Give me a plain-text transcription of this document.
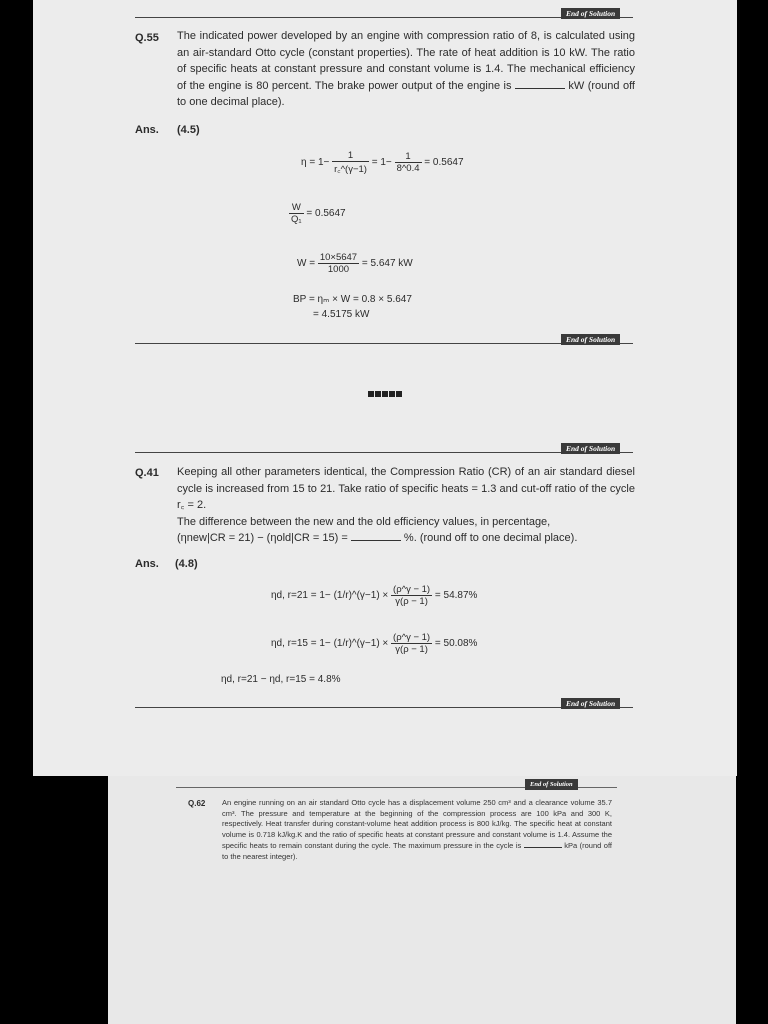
End of Solution
Q.55 The indicated power developed by an engine with compression ratio of 8, is calculated using an air-standard Otto cycle (constant properties). The rate of heat addition is 10 kW. The ratio of specific heats at constant pressure and constant volume is 1.4. The mechanical efficiency of the engine is 80 percent. The brake power output of the engine is	kW (round off to one decimal place).
Ans. (4.5)
$\eta = 1- \frac{1}{r꜀\^{}(\gamma-1)} = 1- \frac{1}{8\^{}0.4} = 0.5647$
$\frac{W}{\text{Q₁}} = 0.5647$
$W = \frac{10\times 5647}{1000} = 5.647$ kW
BP = ηₘ × W = 0.8 × 5.647
= 4.5175 kW
End of Solution
End of Solution
Q.41 Keeping all other parameters identical, the Compression Ratio (CR) of an air standard diesel cycle is increased from 15 to 21. Take ratio of specific heats = 1.3 and cut-off ratio of the cycle r꜀ = 2.
The difference between the new and the old efficiency values, in percentage,
(ηnew|CR = 21) − (ηold|CR = 15) =	%. (round off to one decimal place).
Ans. (4.8)
ηd, r=21 = 1− (1/r)^(γ−1) × $\frac{(\rho\^{}\gamma - 1)}{\gamma(\rho - 1)} = 54.87\%$
ηd, r=15 = 1− (1/r)^(γ−1) × $\frac{(\rho\^{}\gamma - 1)}{\gamma(\rho - 1)} = 50.08\%$
ηd, r=21 − ηd, r=15 = 4.8%
End of Solution
End of Solution
Q.62 An engine running on an air standard Otto cycle has a displacement volume 250 cm³ and a clearance volume 35.7 cm³. The pressure and temperature at the beginning of the compression process are 100 kPa and 300 K, respectively. Heat transfer during constant-volume heat addition process is 800 kJ/kg. The specific heat at constant volume is 0.718 kJ/kg.K and the ratio of specific heats at constant pressure and constant volume is 1.4. Assume the specific heats to remain constant during the cycle. The maximum pressure in the cycle is	kPa (round off to the nearest integer).
